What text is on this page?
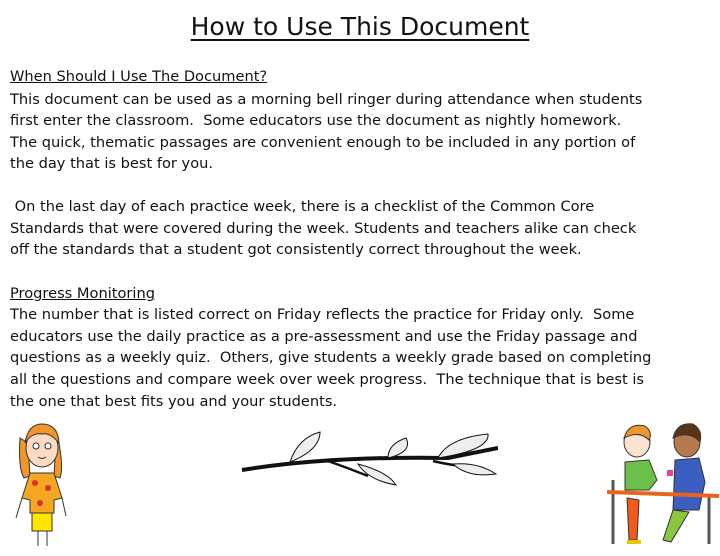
How to Use This Document
When Should I Use The Document?
This document can be used as a morning bell ringer during attendance when students
first enter the classroom.  Some educators use the document as nightly homework.
The quick, thematic passages are convenient enough to be included in any portion of
the day that is best for you.
On the last day of each practice week, there is a checklist of the Common Core
Standards that were covered during the week. Students and teachers alike can check
off the standards that a student got consistently correct throughout the week.
Progress Monitoring
The number that is listed correct on Friday reflects the practice for Friday only.  Some
educators use the daily practice as a pre-assessment and use the Friday passage and
questions as a weekly quiz.  Others, give students a weekly grade based on completing
all the questions and compare week over week progress.  The technique that is best is
the one that best fits you and your students.
